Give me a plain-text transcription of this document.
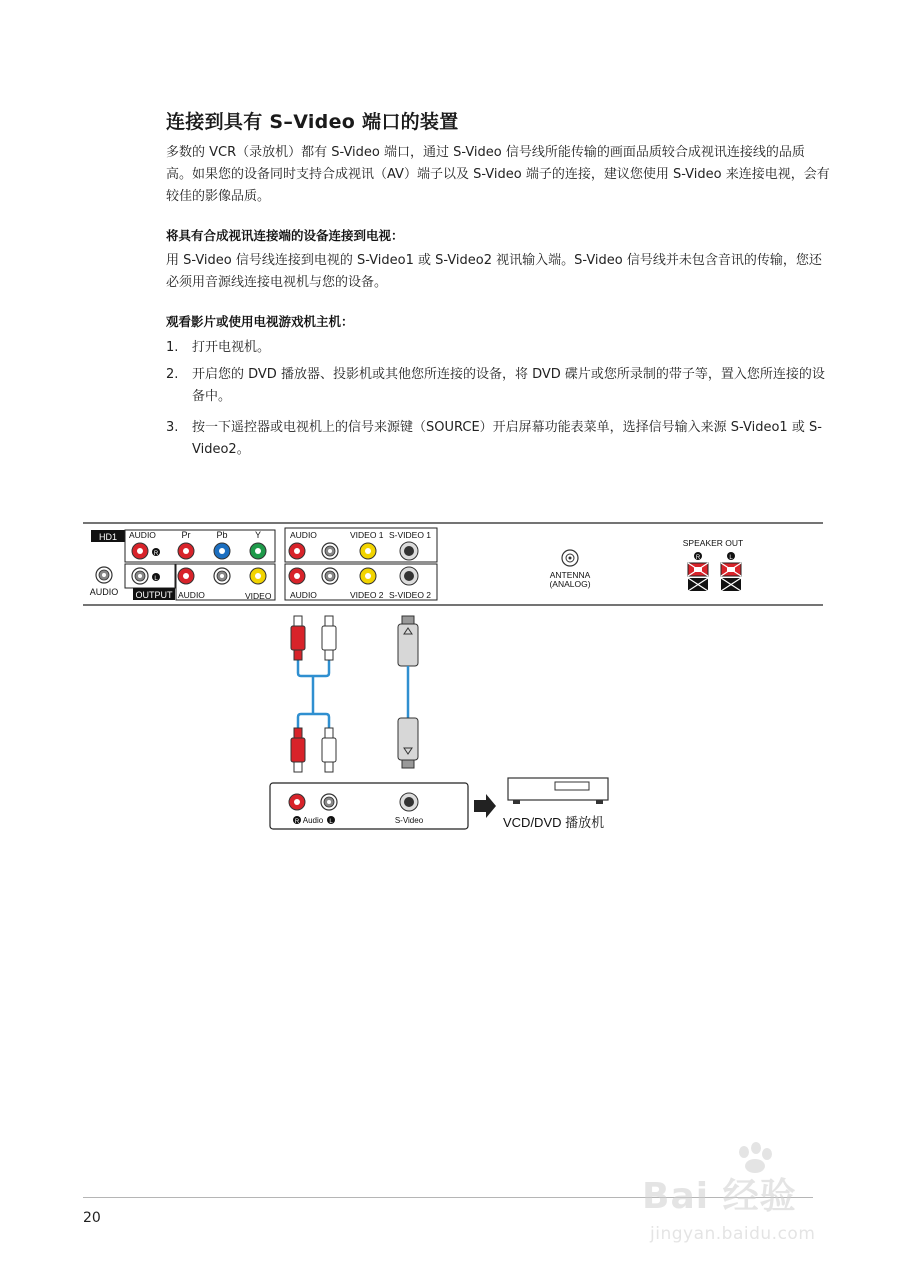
连接到具有 S–Video 端口的装置

多数的 VCR（录放机）都有 S-Video 端口，通过 S-Video 信号线所能传输的画面品质较合成视讯连接线的品质高。如果您的设备同时支持合成视讯（AV）端子以及 S-Video 端子的连接，建议您使用 S-Video 来连接电视，会有较佳的影像品质。

将具有合成视讯连接端的设备连接到电视：

用 S-Video 信号线连接到电视的 S-Video1 或 S-Video2 视讯输入端。S-Video 信号线并未包含音讯的传输，您还必须用音源线连接电视机与您的设备。

观看影片或使用电视游戏机主机：
1. 打开电视机。
2. 开启您的 DVD 播放器、投影机或其他您所连接的设备，将 DVD 碟片或您所录制的带子等，置入您所连接的设备中。
3. 按一下遥控器或电视机上的信号来源键（SOURCE）开启屏幕功能表菜单，选择信号输入来源 S-Video1 或 S-Video2。
HD1 AUDIO	Pr	Pb	Y
R
L
AUDIO OUTPUT AUDIO	VIDEO
AUDIO	VIDEO 1 S-VIDEO 1
AUDIO	VIDEO 2 S-VIDEO 2
ANTENNA
(ANALOG)
SPEAKER OUT
R	L
R Audio L	S-Video	VCD/DVD 播放机
20
Bai 经验
jingyan.baidu.com
